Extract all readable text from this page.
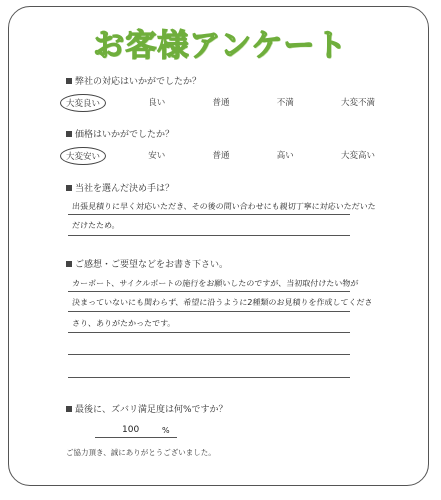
お客様アンケート
弊社の対応はいかがでしたか？
大変良い	良い	普通	不満	大変不満
価格はいかがでしたか？
大変安い	安い	普通	高い	大変高い
当社を選んだ決め手は？
出張見積りに早く対応いただき、その後の問い合わせにも親切丁寧に対応いただいた
だけたため。
ご感想・ご要望などをお書き下さい。
カーポート、サイクルポートの施行をお願いしたのですが、当初取付けたい物が
決まっていないにも関わらず、希望に沿うように2種類のお見積りを作成してくださ
さり、ありがたかったです。
最後に、ズバリ満足度は何%ですか？
100	%
ご協力頂き、誠にありがとうございました。
